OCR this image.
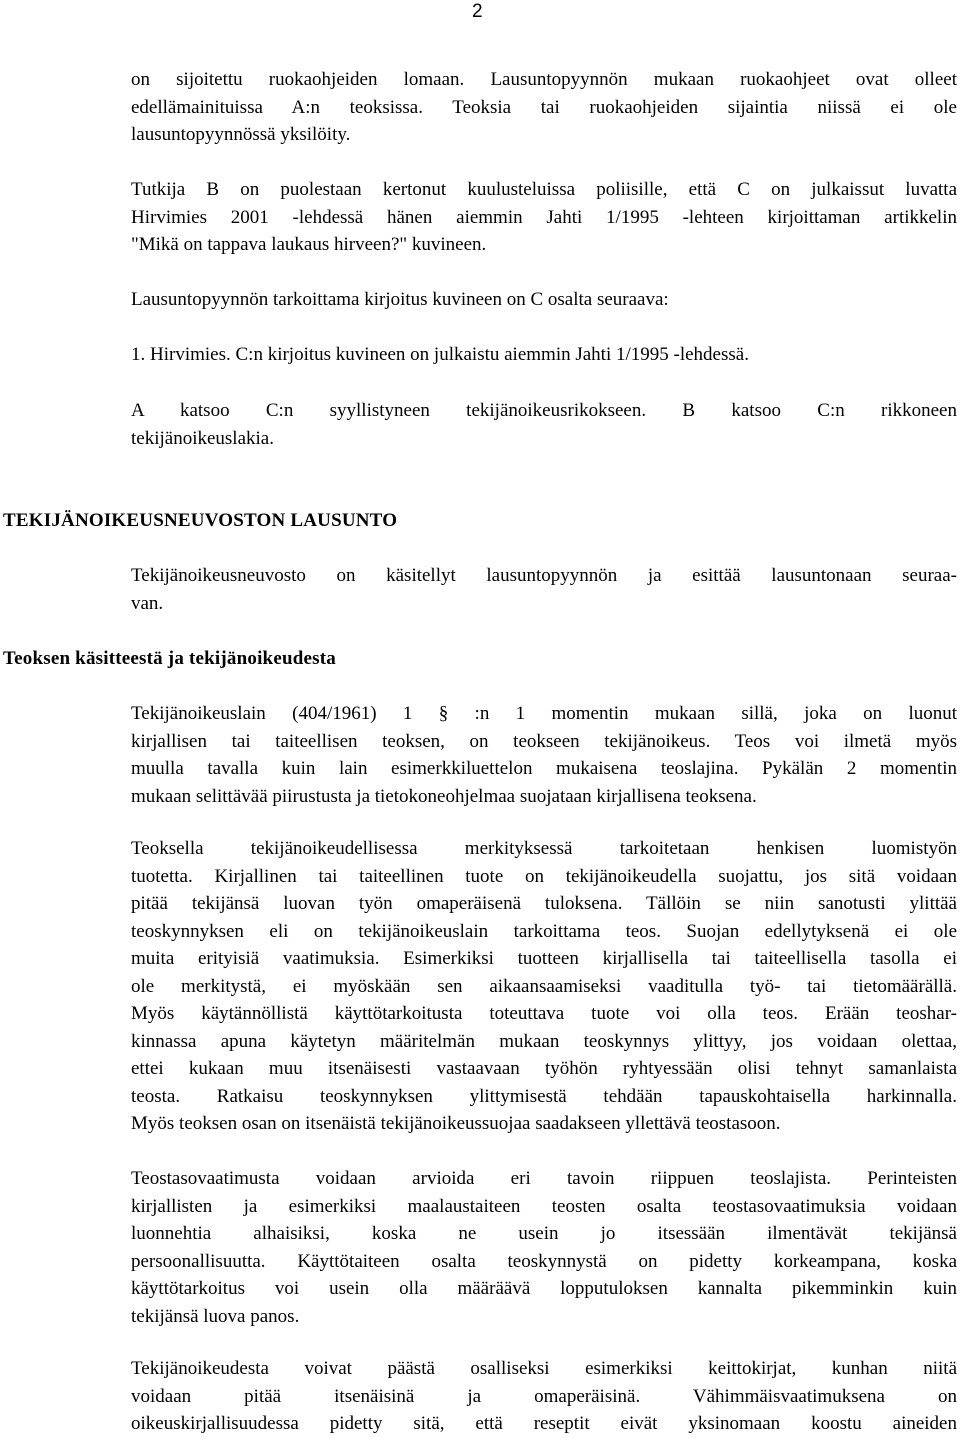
2

on sijoitettu ruokaohjeiden lomaan. Lausuntopyynnön mukaan ruokaohjeet ovat olleet
edellämainituissa A:n teoksissa. Teoksia tai ruokaohjeiden sijaintia niissä ei ole
lausuntopyynnössä yksilöity.

Tutkija B on puolestaan kertonut kuulusteluissa poliisille, että C on julkaissut luvatta
Hirvimies 2001 -lehdessä hänen aiemmin Jahti 1/1995 -lehteen kirjoittaman artikkelin
"Mikä on tappava laukaus hirveen?" kuvineen.

Lausuntopyynnön tarkoittama kirjoitus kuvineen on C osalta seuraava:

1. Hirvimies. C:n kirjoitus kuvineen on julkaistu aiemmin Jahti 1/1995 -lehdessä.

A katsoo C:n syyllistyneen tekijänoikeusrikokseen. B katsoo C:n rikkoneen
tekijänoikeuslakia.

TEKIJÄNOIKEUSNEUVOSTON LAUSUNTO

Tekijänoikeusneuvosto on käsitellyt lausuntopyynnön ja esittää lausuntonaan seuraa-
van.

Teoksen käsitteestä ja tekijänoikeudesta

Tekijänoikeuslain (404/1961) 1 § :n 1 momentin mukaan sillä, joka on luonut
kirjallisen tai taiteellisen teoksen, on teokseen tekijänoikeus. Teos voi ilmetä myös
muulla tavalla kuin lain esimerkkiluettelon mukaisena teoslajina. Pykälän 2 momentin
mukaan selittävää piirustusta ja tietokoneohjelmaa suojataan kirjallisena teoksena.

Teoksella tekijänoikeudellisessa merkityksessä tarkoitetaan henkisen luomistyön
tuotetta. Kirjallinen tai taiteellinen tuote on tekijänoikeudella suojattu, jos sitä voidaan
pitää tekijänsä luovan työn omaperäisenä tuloksena. Tällöin se niin sanotusti ylittää
teoskynnyksen eli on tekijänoikeuslain tarkoittama teos. Suojan edellytyksenä ei ole
muita erityisiä vaatimuksia. Esimerkiksi tuotteen kirjallisella tai taiteellisella tasolla ei
ole merkitystä, ei myöskään sen aikaansaamiseksi vaaditulla työ- tai tietomäärällä.
Myös käytännöllistä käyttötarkoitusta toteuttava tuote voi olla teos. Erään teoshar-
kinnassa apuna käytetyn määritelmän mukaan teoskynnys ylittyy, jos voidaan olettaa,
ettei kukaan muu itsenäisesti vastaavaan työhön ryhtyessään olisi tehnyt samanlaista
teosta. Ratkaisu teoskynnyksen ylittymisestä tehdään tapauskohtaisella harkinnalla.
Myös teoksen osan on itsenäistä tekijänoikeussuojaa saadakseen yllettävä teostasoon.

Teostasovaatimusta voidaan arvioida eri tavoin riippuen teoslajista. Perinteisten
kirjallisten ja esimerkiksi maalaustaiteen teosten osalta teostasovaatimuksia voidaan
luonnehtia alhaisiksi, koska ne usein jo itsessään ilmentävät tekijänsä
persoonallisuutta. Käyttötaiteen osalta teoskynnystä on pidetty korkeampana, koska
käyttötarkoitus voi usein olla määräävä lopputuloksen kannalta pikemminkin kuin
tekijänsä luova panos.

Tekijänoikeudesta voivat päästä osalliseksi esimerkiksi keittokirjat, kunhan niitä
voidaan pitää itsenäisinä ja omaperäisinä. Vähimmäisvaatimuksena on
oikeuskirjallisuudessa pidetty sitä, että reseptit eivät yksinomaan koostu aineiden
